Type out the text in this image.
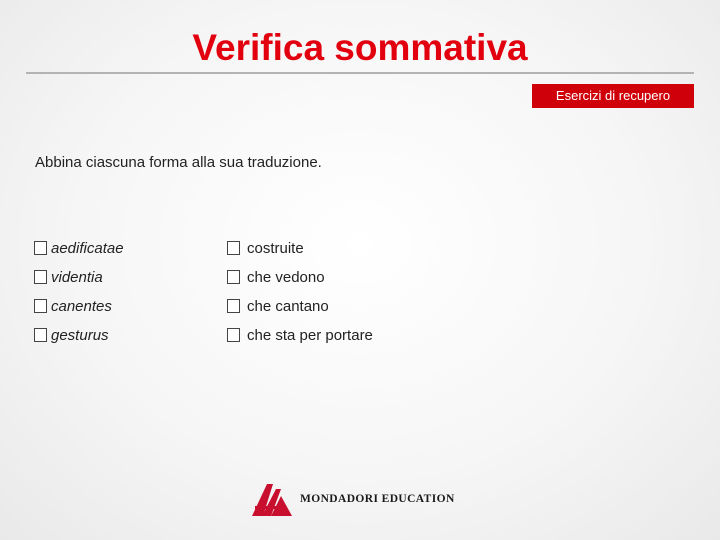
Verifica sommativa
Esercizi di recupero
Abbina ciascuna forma alla sua traduzione.
aedificatae	costruite
videntia	che vedono
canentes	che cantano
gesturus	che sta per portare
MONDADORI EDUCATION
